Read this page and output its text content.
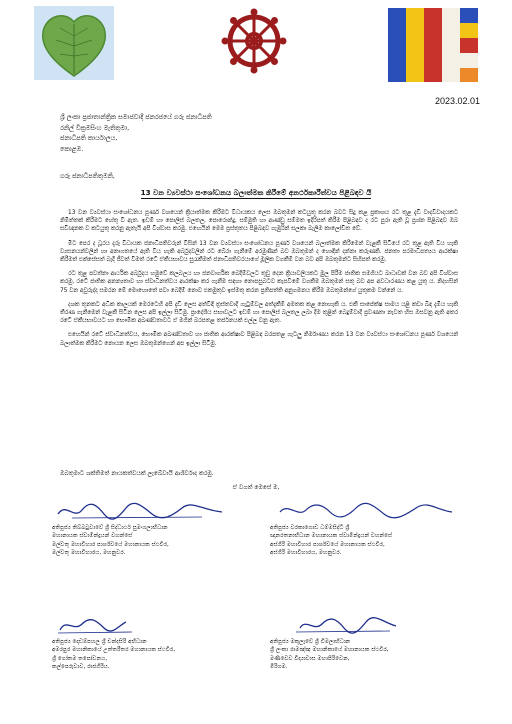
2023.02.01
ශ්‍රී ලංකා ප්‍රජාතාන්ත්‍රික සමාජවාදී ජනරජයේ ගරු ජනාධිපති
රනිල් වික්‍රමසිංහ මැතිතුමා,
ජනාධිපති කාර්යාලය,
කොළඹ.
ගරු ජනාධිපතිතුමනි,
13 වන ව්‍යවස්ථා සංශෝධනය බලාත්මක කිරීමේ අනර්ථකාරීත්වය පිළිබඳව යි

13 වන ව්‍යවස්ථා සංශෝධනය පූර්ණ වශයෙන් ක්‍රියාත්මක කිරීමට විධායකය ලෙස ඔබතුමන් කටයුතු කරන බවට සිදු කළ ප්‍රකාශය රට තුළ දැඩි වාදවිවාදයකට නිමිත්තක් කිරීමට හේතු වී ඇත. ඉඩම් හා පොලිස් බලතල, පොරොන්දු, සම්මුති හා ආණ්ඩු සම්මත ඉදිරිපත් කිරීම පිළිබඳව ද රට පුරා ඇති වූ ප්‍රශ්න පිළිබඳව ඔබ සවිඥානක ව කටයුතු කරනු ඇතැයි අපි විශ්වාස කරමු. එහෙයින් මෙම ප්‍රස්තුතය පිළිබඳව ගැඹුරින් සලකා බැලීම කාලෝචිත වේ.

මීට පෙර ද ධූරය දැරූ විධායක ජනාධිපතිවරුන් විසින් 13 වන ව්‍යවස්ථා සංශෝධනය පූර්ණ වශයෙන් බලාත්මක කිරීමෙන් වැළකී සිටියේ රට තුළ ඇති විය හැකි ව්‍යසනයන්වලින් හා අනාගතයේ ඇති විය හැකි අර්බුදවලින් රට බේරා ගැනීමේ අරමුණින් බව ඔබතුමන් ද හොඳින් දන්නා කරුණකි. ජනතා පරමාධිපත්‍යය ආරක්ෂා කිරීමත් එක්සේසත් බැදී ජීවත් වීමත් රටේ ඒකීයභාවය සුරැකීමත් ජනාධිපතිවරයාගේ මූලික වගකීම් වන බව අපි ඔබතුමන්ට සිහිපත් කරමු.

රට තුළ පවත්නා ආර්ථික අර්බුදය හමුවේ කලබලය හා ජනවාර්ගික බෙදීම්වලට තුඩු දෙන ක්‍රියාවලියකට මුල පිරීම ජාතික සමගියට බාධාවක් වන බව අපි විශ්වාස කරමු. රටේ ජාතික අනන්‍යතාව හා ස්වාධීනත්වය ආරක්ෂා කර ගැනීම සඳහා නොපසුබටව කැපවීමේ වගකීම ඔබතුමන් සතු බව අප අවධාරණය කළ යුතු ය. නිදහසින් 75 වන අවුරුද්ද සමරන මේ මොහොතේ පවා බෙදීම් නොව එකමුතුව ඉස්මතු කරන ප්‍රතිපත්ති අනුගමනය කිරීම ඔබතුමන්ගේ යුතුකම වන්නේ ය.

දශක තුනකට අධික කාලයක් මෙරටෙහි අපි දැඩි ලෙස අත්විඳි ත්‍රස්තවාදී ගැටුම්වල අත්දැකීම් අමතක කළ නොහැකි ය. එකී සාපේක්ෂ සාමය යළි කඩා බිඳ දැමිය හැකි තීරණ ගැනීමෙන් වැළකී සිටින ලෙස අපි ඉල්ලා සිටිමු. ප්‍රාදේශීය සභාවලට ඉඩම් හා පොලිස් බලතල ලබා දීම තුළින් බෙදුම්වාදී ප්‍රවණතා නැවත හිස ඔසවනු ඇති අතර රටේ ඒකීයභාවයට හා භෞමික අඛණ්ඩතාවට ඒ මගින් බරපතළ තර්ජනයක් එල්ල වනු ඇත.

එහෙයින් රටේ ස්වාධීනත්වය, භෞමික අඛණ්ඩතාව හා ජාතික ආරක්ෂාව පිළිබඳ බරපතළ ගැටලු නිර්මාණය කරන 13 වන ව්‍යවස්ථා සංශෝධනය පූර්ණ වශයෙන් බලාත්මක කිරීමට නොයන ලෙස ඔබතුමන්ගෙන් අප ඉල්ලා සිටිමු.

ඔබතුමාට ශක්තිමත් නායකත්වයක් ලැබේවායි ආශිර්වාද කරමු.
ඒ වගත් මෙසේ ම,
අතිපූජ්‍ය තිබ්බටුවාවේ ශ්‍රී සිද්ධාර්ථ සුමංගලාභිධාන
මහානායක ස්වාමීන්ද්‍රයන් වහන්සේ
මල්වතු මහාවිහාර පාර්ශ්වයේ මහානායක ස්ථවිර,
මල්වතු මහාවිහාරය, මහනුවර.
අතිපූජ්‍ය වරකාගොඩ ධම්මසිද්ධි ශ්‍රී
ඥානරතනාභිධාන මහානායක ස්වාමීන්ද්‍රයන් වහන්සේ
අස්ගිරි මහාවිහාර පාර්ශ්වයේ මහානායක ස්ථවිර,
අස්ගිරි මහාවිහාරය, මහනුවර.
අතිපූජ්‍ය දොඩම්පහල ශ්‍රී චන්දසිරි අභිධාන
අමරපුර මහානිකායේ උත්තරීතර මහානායක ස්ථවිර,
ශ්‍රී ගෝතම තපෝවනය,
කල්පෙරුවාව, රාජගිරිය.
අතිපූජ්‍ය මකුලෑවේ ශ්‍රී විමලාභිධාන
ශ්‍රී ලංකා රාමඤ්ඤ මහානිකායේ මහානායක ස්ථවිර,
මණිවෙව විද්‍යාවාස මහාපිරිවෙන,
මිරිගම.
